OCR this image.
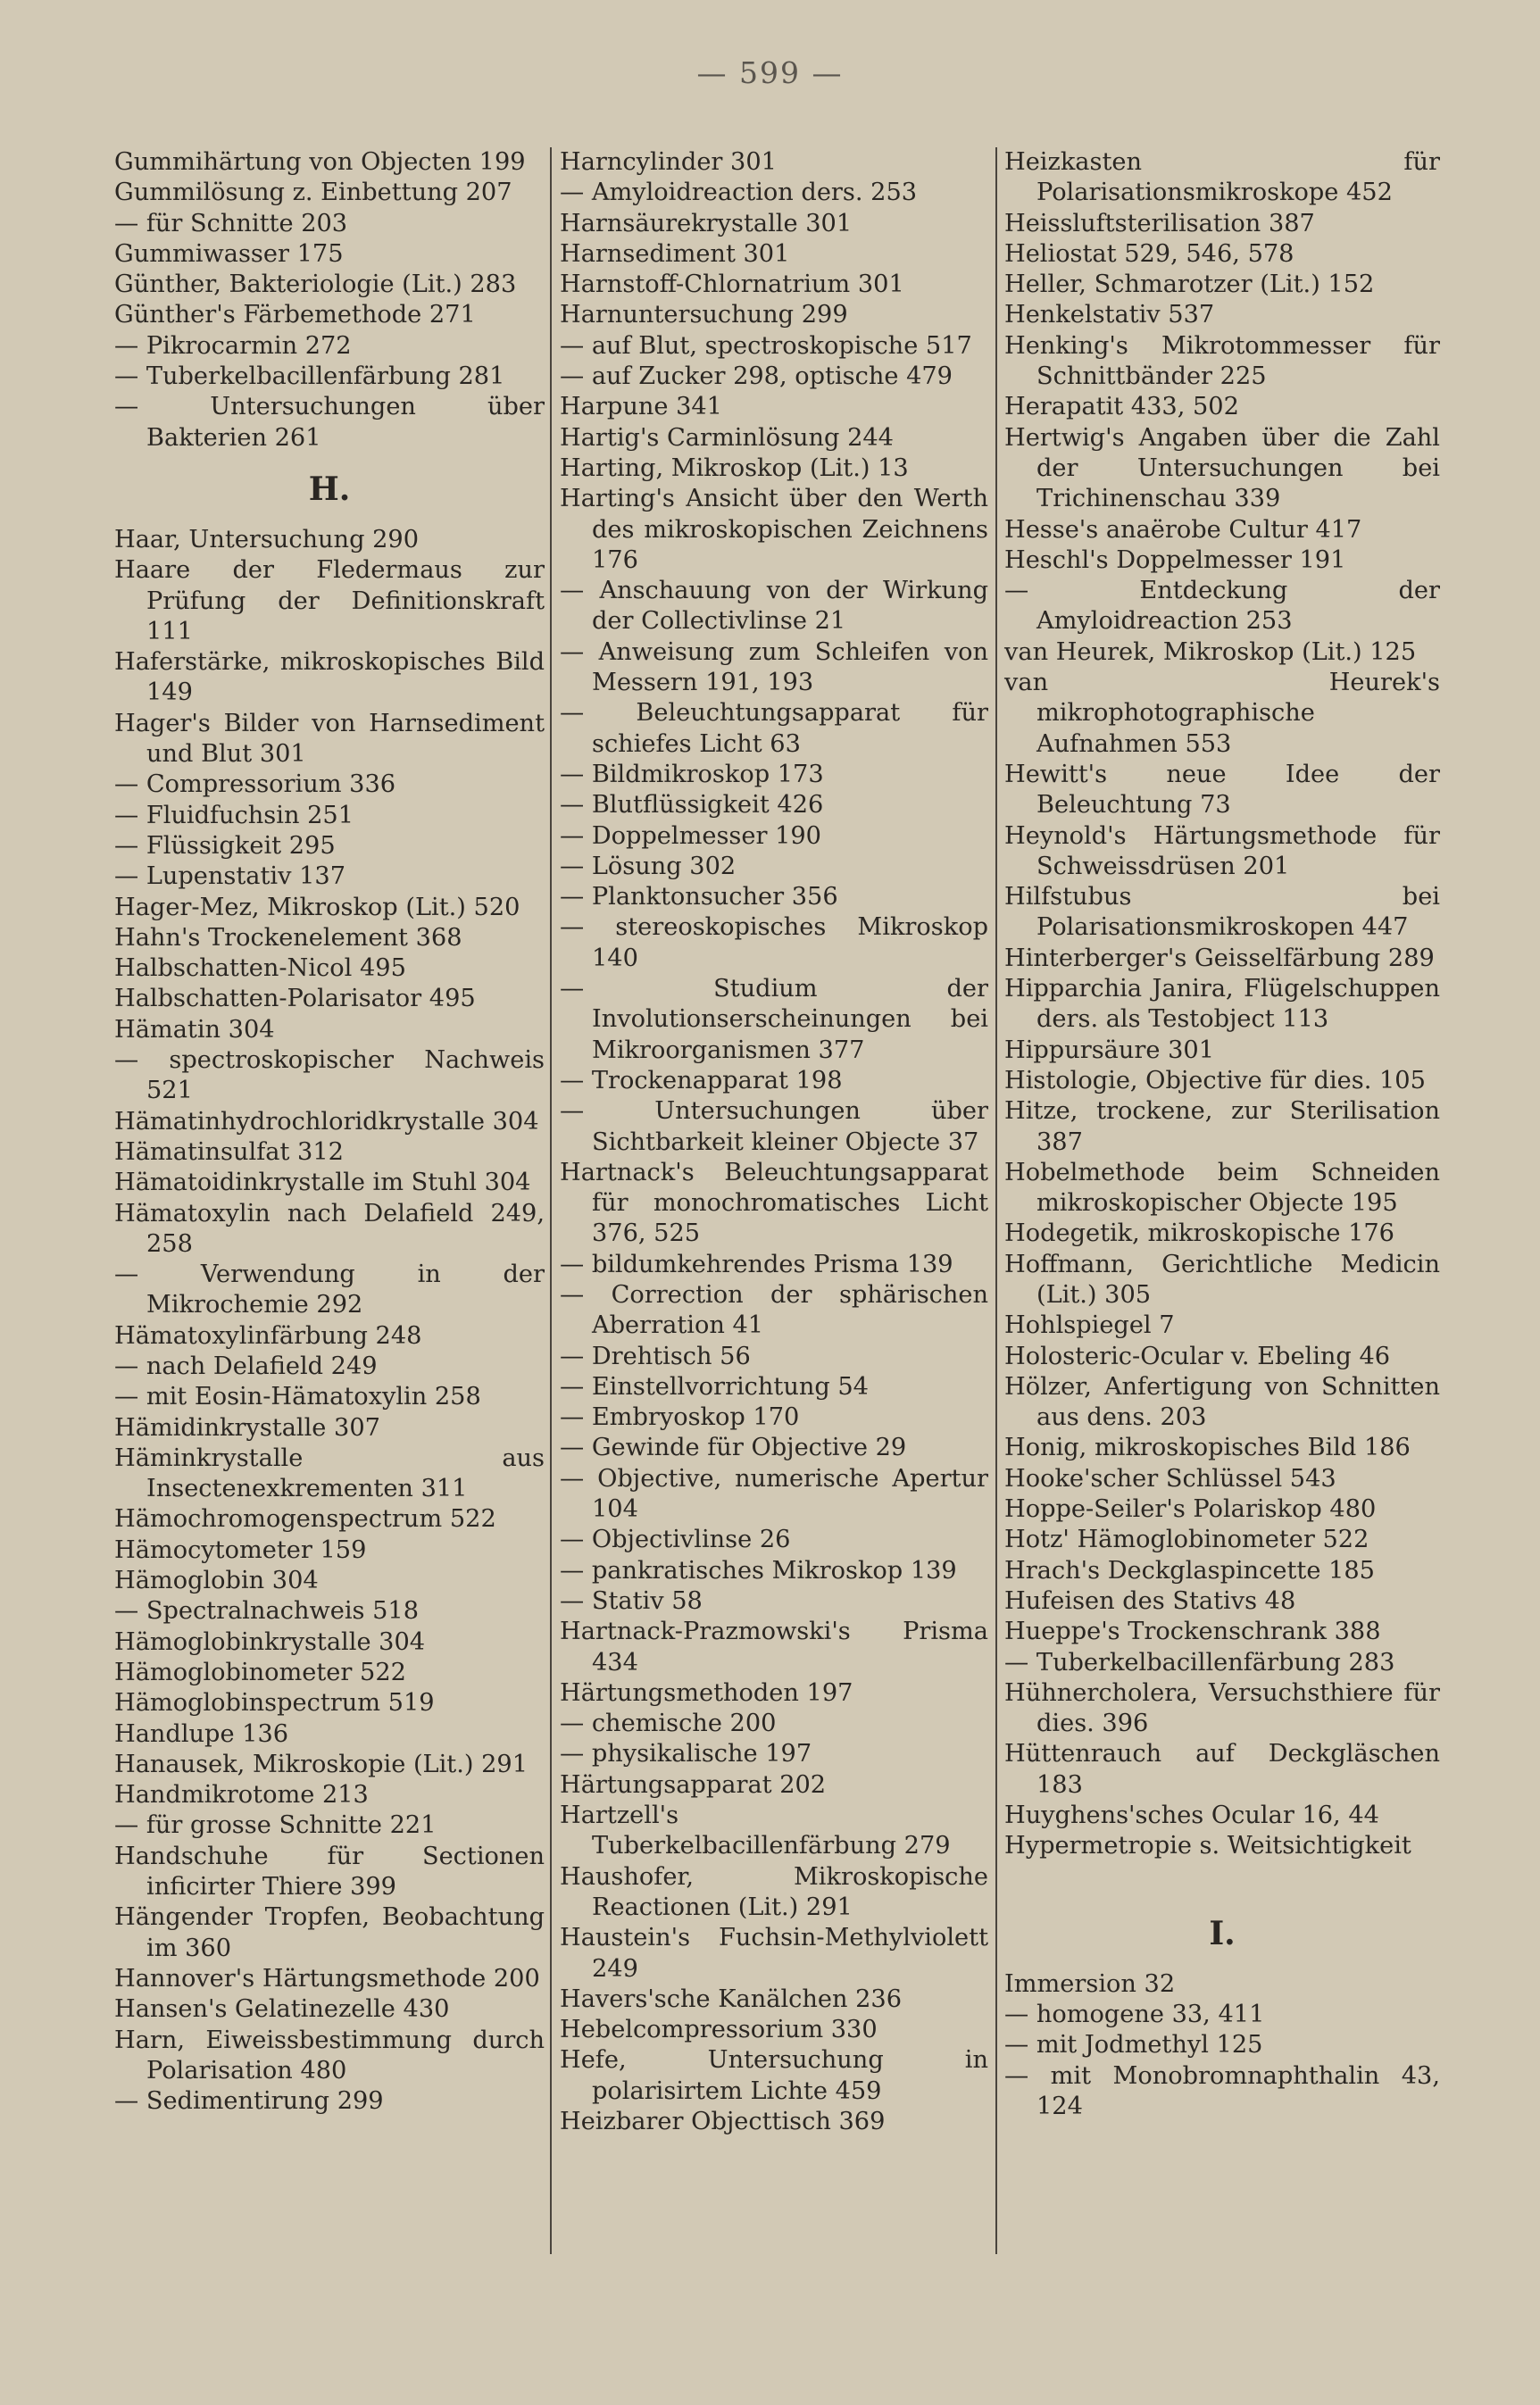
— 599 —
Gummihärtung von Objecten 199
Gummilösung z. Einbettung 207
— für Schnitte 203
Gummiwasser 175
Günther, Bakteriologie (Lit.) 283
Günther's Färbemethode 271
— Pikrocarmin 272
— Tuberkelbacillenfärbung 281
— Untersuchungen über Bakterien 261
H.
Haar, Untersuchung 290
Haare der Fledermaus zur Prüfung der Definitionskraft 111
Haferstärke, mikroskopisches Bild 149
Hager's Bilder von Harnsediment und Blut 301
— Compressorium 336
— Fluidfuchsin 251
— Flüssigkeit 295
— Lupenstativ 137
Hager-Mez, Mikroskop (Lit.) 520
Hahn's Trockenelement 368
Halbschatten-Nicol 495
Halbschatten-Polarisator 495
Hämatin 304
— spectroskopischer Nachweis 521
Hämatinhydrochloridkrystalle 304
Hämatinsulfat 312
Hämatoidinkrystalle im Stuhl 304
Hämatoxylin nach Delafield 249, 258
— Verwendung in der Mikrochemie 292
Hämatoxylinfärbung 248
— nach Delafield 249
— mit Eosin-Hämatoxylin 258
Hämidinkrystalle 307
Häminkrystalle aus Insectenexkrementen 311
Hämochromogenspectrum 522
Hämocytometer 159
Hämoglobin 304
— Spectralnachweis 518
Hämoglobinkrystalle 304
Hämoglobinometer 522
Hämoglobinspectrum 519
Handlupe 136
Hanausek, Mikroskopie (Lit.) 291
Handmikrotome 213
— für grosse Schnitte 221
Handschuhe für Sectionen inficirter Thiere 399
Hängender Tropfen, Beobachtung im 360
Hannover's Härtungsmethode 200
Hansen's Gelatinezelle 430
Harn, Eiweissbestimmung durch Polarisation 480
— Sedimentirung 299
Harncylinder 301
— Amyloidreaction ders. 253
Harnsäurekrystalle 301
Harnsediment 301
Harnstoff-Chlornatrium 301
Harnuntersuchung 299
— auf Blut, spectroskopische 517
— auf Zucker 298, optische 479
Harpune 341
Hartig's Carminlösung 244
Harting, Mikroskop (Lit.) 13
Harting's Ansicht über den Werth des mikroskopischen Zeichnens 176
— Anschauung von der Wirkung der Collectivlinse 21
— Anweisung zum Schleifen von Messern 191, 193
— Beleuchtungsapparat für schiefes Licht 63
— Bildmikroskop 173
— Blutflüssigkeit 426
— Doppelmesser 190
— Lösung 302
— Planktonsucher 356
— stereoskopisches Mikroskop 140
— Studium der Involutionserscheinungen bei Mikroorganismen 377
— Trockenapparat 198
— Untersuchungen über Sichtbarkeit kleiner Objecte 37
Hartnack's Beleuchtungsapparat für monochromatisches Licht 376, 525
— bildumkehrendes Prisma 139
— Correction der sphärischen Aberration 41
— Drehtisch 56
— Einstellvorrichtung 54
— Embryoskop 170
— Gewinde für Objective 29
— Objective, numerische Apertur 104
— Objectivlinse 26
— pankratisches Mikroskop 139
— Stativ 58
Hartnack-Prazmowski's Prisma 434
Härtungsmethoden 197
— chemische 200
— physikalische 197
Härtungsapparat 202
Hartzell's Tuberkelbacillenfärbung 279
Haushofer, Mikroskopische Reactionen (Lit.) 291
Haustein's Fuchsin-Methylviolett 249
Havers'sche Kanälchen 236
Hebelcompressorium 330
Hefe, Untersuchung in polarisirtem Lichte 459
Heizbarer Objecttisch 369
Heizkasten für Polarisationsmikroskope 452
Heissluftsterilisation 387
Heliostat 529, 546, 578
Heller, Schmarotzer (Lit.) 152
Henkelstativ 537
Henking's Mikrotommesser für Schnittbänder 225
Herapatit 433, 502
Hertwig's Angaben über die Zahl der Untersuchungen bei Trichinenschau 339
Hesse's anaërobe Cultur 417
Heschl's Doppelmesser 191
— Entdeckung der Amyloidreaction 253
van Heurek, Mikroskop (Lit.) 125
van Heurek's mikrophotographische Aufnahmen 553
Hewitt's neue Idee der Beleuchtung 73
Heynold's Härtungsmethode für Schweissdrüsen 201
Hilfstubus bei Polarisationsmikroskopen 447
Hinterberger's Geisselfärbung 289
Hipparchia Janira, Flügelschuppen ders. als Testobject 113
Hippursäure 301
Histologie, Objective für dies. 105
Hitze, trockene, zur Sterilisation 387
Hobelmethode beim Schneiden mikroskopischer Objecte 195
Hodegetik, mikroskopische 176
Hoffmann, Gerichtliche Medicin (Lit.) 305
Hohlspiegel 7
Holosteric-Ocular v. Ebeling 46
Hölzer, Anfertigung von Schnitten aus dens. 203
Honig, mikroskopisches Bild 186
Hooke'scher Schlüssel 543
Hoppe-Seiler's Polariskop 480
Hotz' Hämoglobinometer 522
Hrach's Deckglaspincette 185
Hufeisen des Stativs 48
Hueppe's Trockenschrank 388
— Tuberkelbacillenfärbung 283
Hühnercholera, Versuchsthiere für dies. 396
Hüttenrauch auf Deckgläschen 183
Huyghens'sches Ocular 16, 44
Hypermetropie s. Weitsichtigkeit
I.
Immersion 32
— homogene 33, 411
— mit Jodmethyl 125
— mit Monobromnaphthalin 43, 124
